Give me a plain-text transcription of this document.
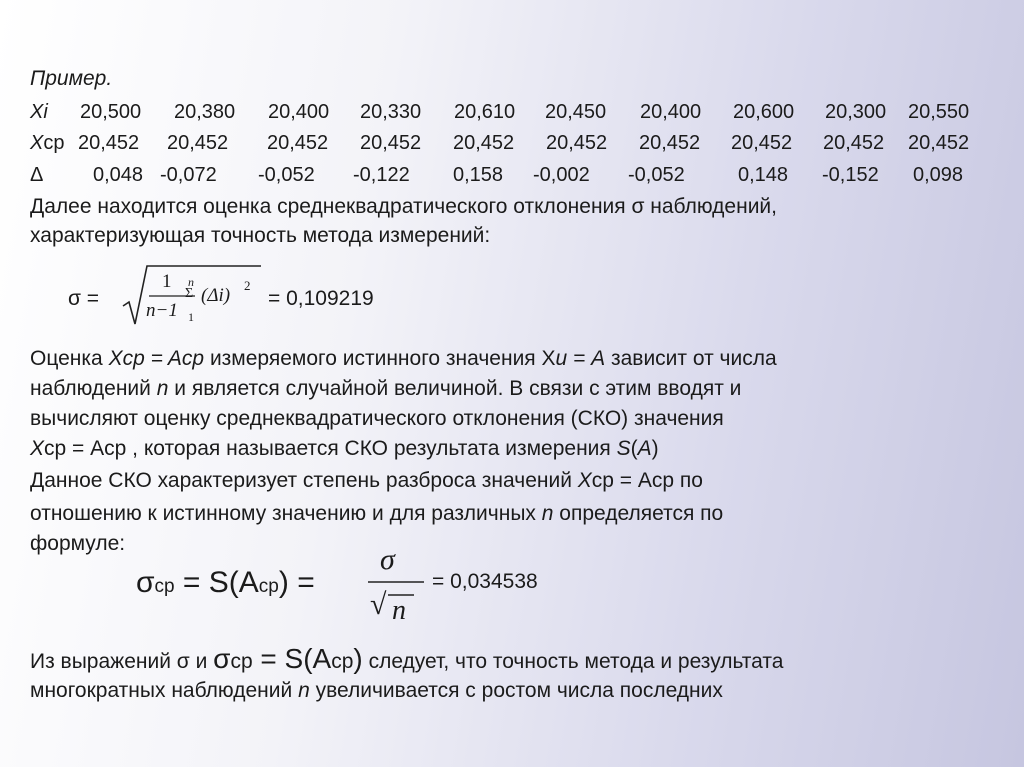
Пример.
Xi 20,500 20,380 20,400 20,330 20,610 20,450 20,400 20,600 20,300 20,550
Xср 20,452 20,452 20,452 20,452 20,452 20,452 20,452 20,452 20,452 20,452
Δ 0,048 -0,072 -0,052 -0,122 0,158 -0,002 -0,052	0,148 -0,152 0,098
Далее находится оценка среднеквадратического отклонения σ наблюдений,
характеризующая точность метода измерений:
σ =
1
n−1
n
Σ
1
(Δi) 2
= 0,109219
Оценка Xcp = Acp измеряемого истинного значения Хи = A зависит от числа
наблюдений n и является случайной величиной. В связи с этим вводят и
вычисляют оценку среднеквадратического отклонения (СКО) значения
Xср = Aср , которая называется СКО результата измерения S(A)
Данное СКО характеризует степень разброса значений Xср = Aср по
отношению к истинному значению и для различных n определяется по
формуле:
σср = S(Aср) =
σ
√ n
= 0,034538
Из выражений σ и σср = S(Aср) следует, что точность метода и результата
многократных наблюдений n увеличивается с ростом числа последних
